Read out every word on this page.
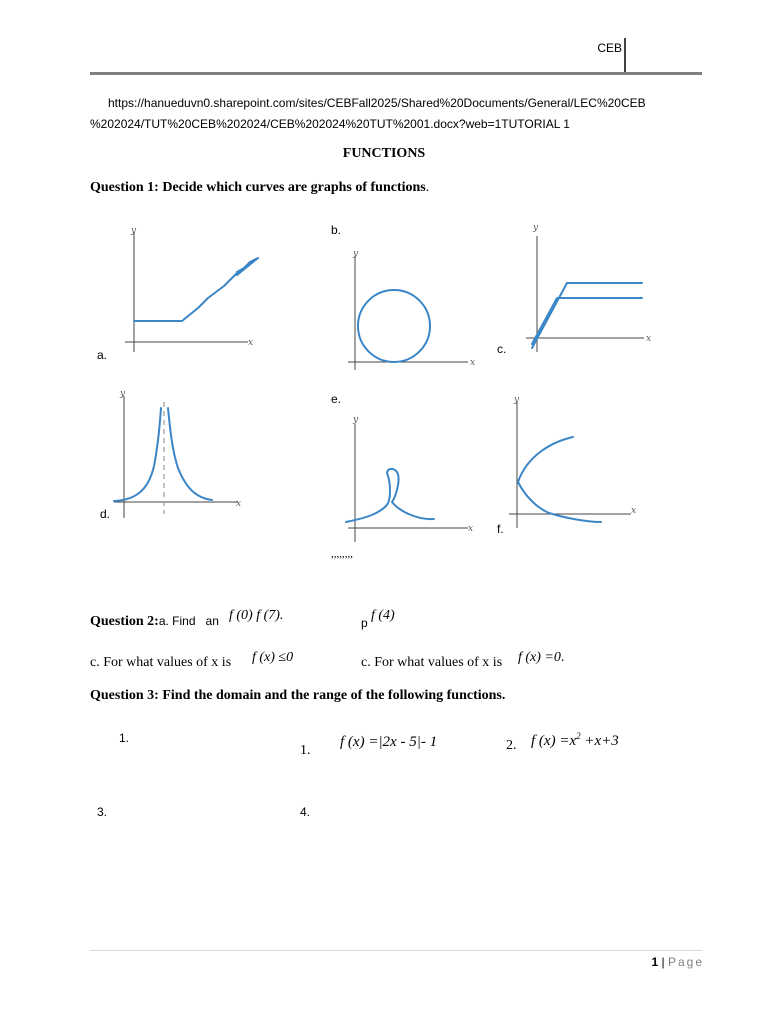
CEB
https://hanueduvn0.sharepoint.com/sites/CEBFall2025/Shared%20Documents/General/LEC%20CEB
%202024/TUT%20CEB%202024/CEB%202024%20TUT%2001.docx?web=1TUTORIAL 1
FUNCTIONS
Question 1: Decide which curves are graphs of functions.
y
x
a.
b.
y
x
y
x
c.
y
x
d.
e.
y
x
y
x
f.
,,,,,,,,
Question 2:a. Find an f (0) f (7).	p f (4)
c. For what values of x is f (x) ≤0	c. For what values of x is f (x) =0.
Question 3: Find the domain and the range of the following functions.
1.
1.
f (x) =|2x - 5|- 1	2. f $(x) =x^2 +x+3$
3.	4.
1 | Page
